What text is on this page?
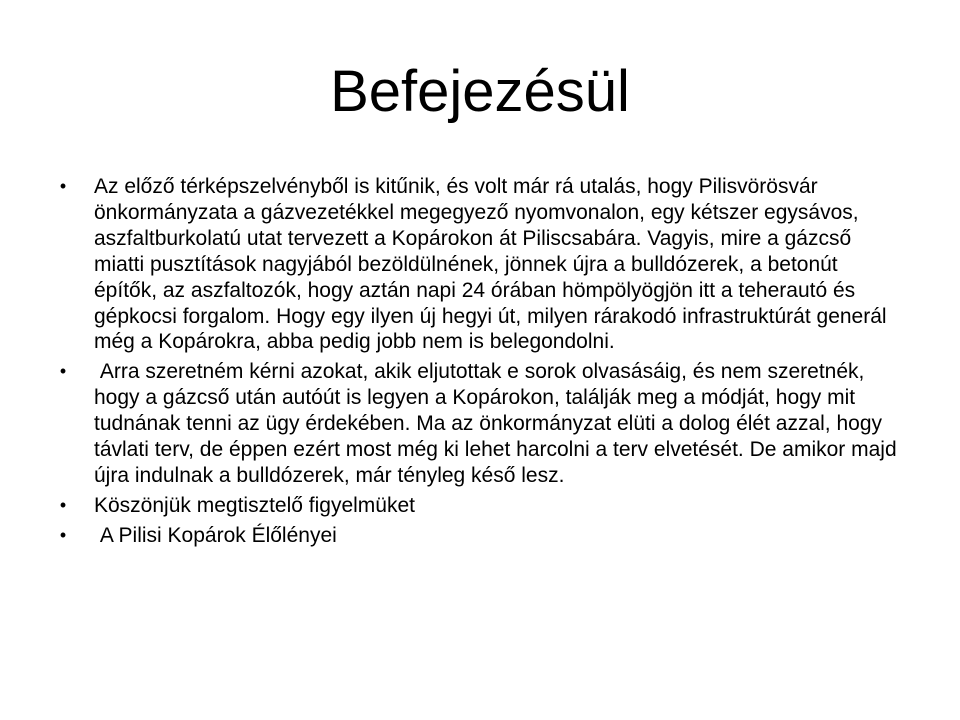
Befejezésül
• Az előző térképszelvényből is kitűnik, és volt már rá utalás, hogy Pilisvörösvár önkormányzata a gázvezetékkel megegyező nyomvonalon, egy kétszer egysávos, aszfaltburkolatú utat tervezett a Kopárokon át Piliscsabára. Vagyis, mire a gázcső miatti pusztítások nagyjából bezöldülnének, jönnek újra a bulldózerek, a betonút építők, az aszfaltozók, hogy aztán napi 24 órában hömpölyögjön itt a teherautó és gépkocsi forgalom. Hogy egy ilyen új hegyi út, milyen rárakodó infrastruktúrát generál még a Kopárokra, abba pedig jobb nem is belegondolni.
• Arra szeretném kérni azokat, akik eljutottak e sorok olvasásáig, és nem szeretnék, hogy a gázcső után autóút is legyen a Kopárokon, találják meg a módját, hogy mit tudnának tenni az ügy érdekében. Ma az önkormányzat elüti a dolog élét azzal, hogy távlati terv, de éppen ezért most még ki lehet harcolni a terv elvetését. De amikor majd újra indulnak a bulldózerek, már tényleg késő lesz.
• Köszönjük megtisztelő figyelmüket
• A Pilisi Kopárok Élőlényei
